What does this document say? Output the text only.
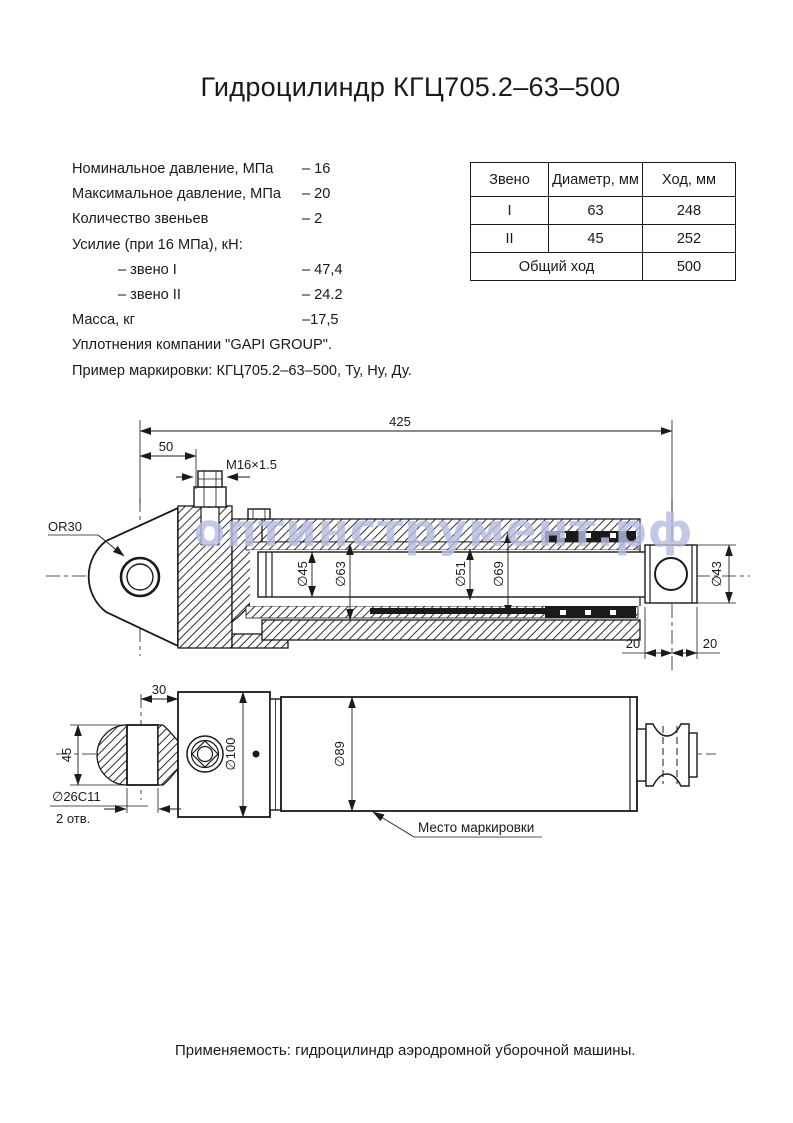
Гидроцилиндр КГЦ705.2–63–500
Номинальное давление, МПа	– 16
Максимальное давление, МПа	– 20
Количество звеньев	– 2
Усилие (при 16 МПа), кН:
– звено I	– 47,4
– звено II	– 24.2
Масса, кг	–17,5
Уплотнения компании "GAPI GROUP".
Пример маркировки: КГЦ705.2–63–500, Ту, Ну, Ду.
Звено	Диаметр, мм	Ход, мм
I	63	248
II	45	252
Общий ход		500
425
50
M16×1.5
OR30
∅45 ∅63	∅51 ∅69	∅43
20	20
оптинструмент.рф
30
45
∅26C11
2 отв.
∅100	∅89
Место маркировки
Применяемость: гидроцилиндр аэродромной уборочной машины.
